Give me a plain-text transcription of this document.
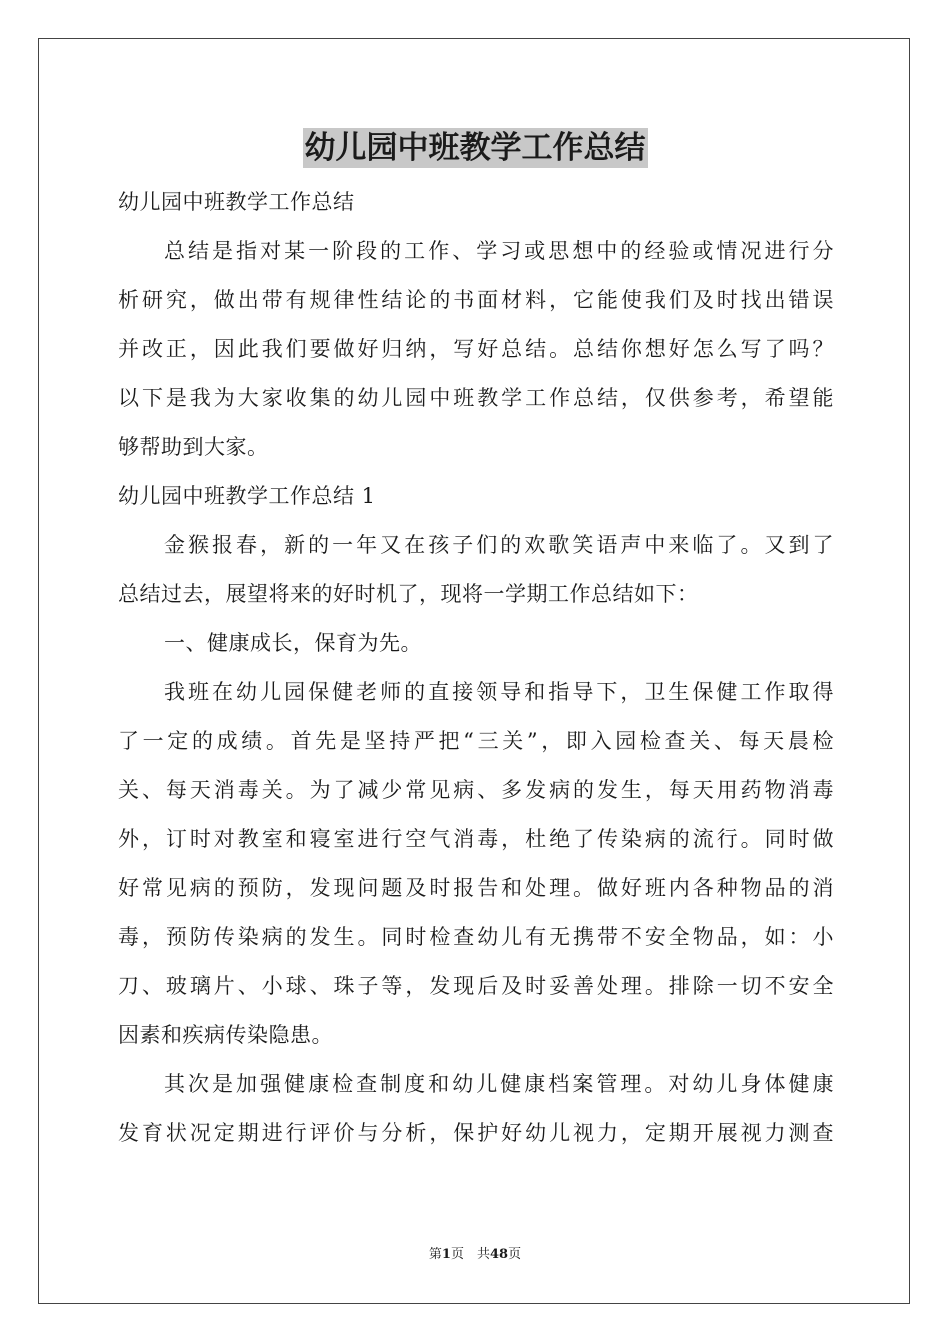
幼儿园中班教学工作总结
幼儿园中班教学工作总结
总结是指对某一阶段的工作、学习或思想中的经验或情况进行分
析研究，做出带有规律性结论的书面材料，它能使我们及时找出错误
并改正，因此我们要做好归纳，写好总结。总结你想好怎么写了吗？
以下是我为大家收集的幼儿园中班教学工作总结，仅供参考，希望能
够帮助到大家。
幼儿园中班教学工作总结 1
金猴报春，新的一年又在孩子们的欢歌笑语声中来临了。又到了
总结过去，展望将来的好时机了，现将一学期工作总结如下：
一、健康成长，保育为先。
我班在幼儿园保健老师的直接领导和指导下，卫生保健工作取得
了一定的成绩。首先是坚持严把“三关”，即入园检查关、每天晨检
关、每天消毒关。为了减少常见病、多发病的发生，每天用药物消毒
外，订时对教室和寝室进行空气消毒，杜绝了传染病的流行。同时做
好常见病的预防，发现问题及时报告和处理。做好班内各种物品的消
毒，预防传染病的发生。同时检查幼儿有无携带不安全物品，如：小
刀、玻璃片、小球、珠子等，发现后及时妥善处理。排除一切不安全
因素和疾病传染隐患。
其次是加强健康检查制度和幼儿健康档案管理。对幼儿身体健康
发育状况定期进行评价与分析，保护好幼儿视力，定期开展视力测查
第1页　共48页
